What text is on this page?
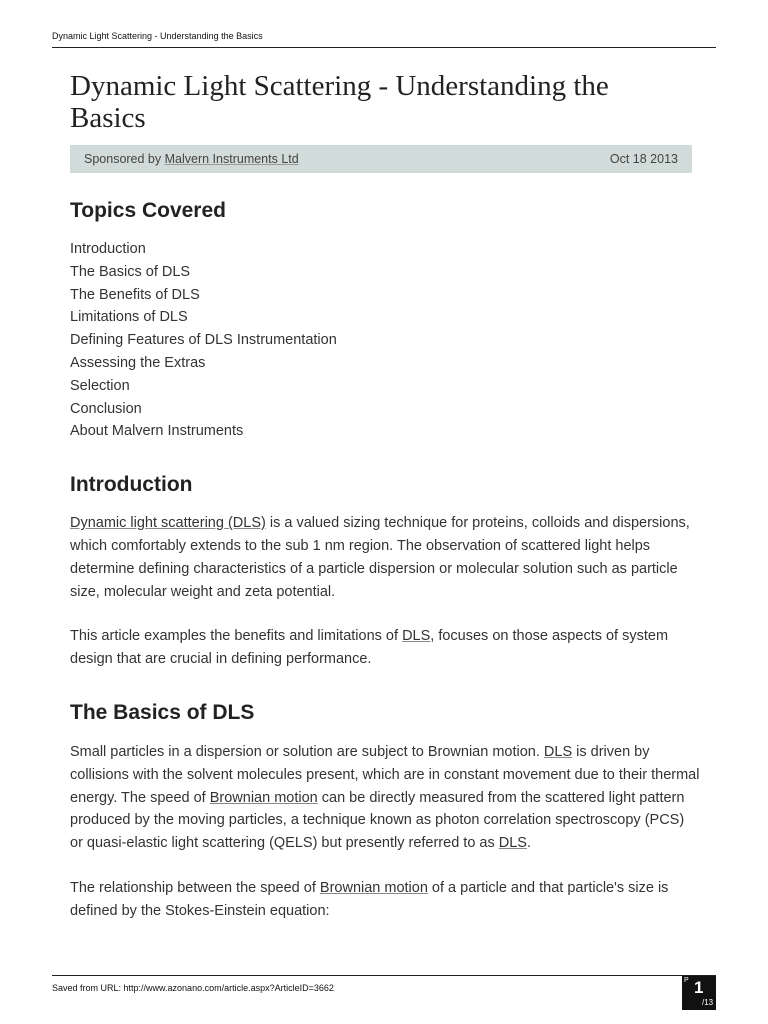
Dynamic Light Scattering - Understanding the Basics
Dynamic Light Scattering - Understanding the Basics
Sponsored by Malvern Instruments Ltd	Oct 18 2013
Topics Covered
Introduction
The Basics of DLS
The Benefits of DLS
Limitations of DLS
Defining Features of DLS Instrumentation
Assessing the Extras
Selection
Conclusion
About Malvern Instruments
Introduction

Dynamic light scattering (DLS) is a valued sizing technique for proteins, colloids and dispersions, which comfortably extends to the sub 1 nm region. The observation of scattered light helps determine defining characteristics of a particle dispersion or molecular solution such as particle size, molecular weight and zeta potential.

This article examples the benefits and limitations of DLS, focuses on those aspects of system design that are crucial in defining performance.

The Basics of DLS

Small particles in a dispersion or solution are subject to Brownian motion. DLS is driven by collisions with the solvent molecules present, which are in constant movement due to their thermal energy. The speed of Brownian motion can be directly measured from the scattered light pattern produced by the moving particles, a technique known as photon correlation spectroscopy (PCS) or quasi-elastic light scattering (QELS) but presently referred to as DLS.

The relationship between the speed of Brownian motion of a particle and that particle's size is defined by the Stokes-Einstein equation:

Saved from URL: http://www.azonano.com/article.aspx?ArticleID=3662
P 1
/13
